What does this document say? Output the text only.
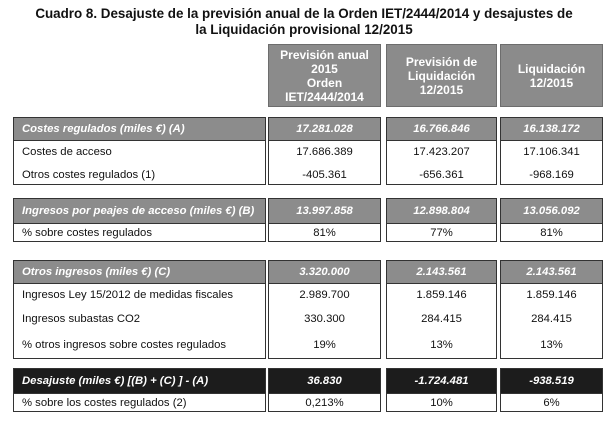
Cuadro 8. Desajuste de la previsión anual de la Orden IET/2444/2014 y desajustes de
la Liquidación provisional 12/2015
Previsión anual
2015
Orden
IET/2444/2014
Previsión de
Liquidación
12/2015
Liquidación
12/2015
Costes regulados (miles €) (A)
Costes de acceso
Otros costes regulados (1)
17.281.028
17.686.389
-405.361
16.766.846
17.423.207
-656.361
16.138.172
17.106.341
-968.169
Ingresos por peajes de acceso (miles €) (B)
% sobre costes regulados
13.997.858
81%
12.898.804
77%
13.056.092
81%
Otros ingresos (miles €) (C)
Ingresos Ley 15/2012 de medidas fiscales
Ingresos subastas CO2
% otros ingresos sobre costes regulados
3.320.000
2.989.700
330.300
19%
2.143.561
1.859.146
284.415
13%
2.143.561
1.859.146
284.415
13%
Desajuste (miles €) [(B) + (C) ] - (A)
% sobre los costes regulados (2)
36.830
0,213%
-1.724.481
10%
-938.519
6%
